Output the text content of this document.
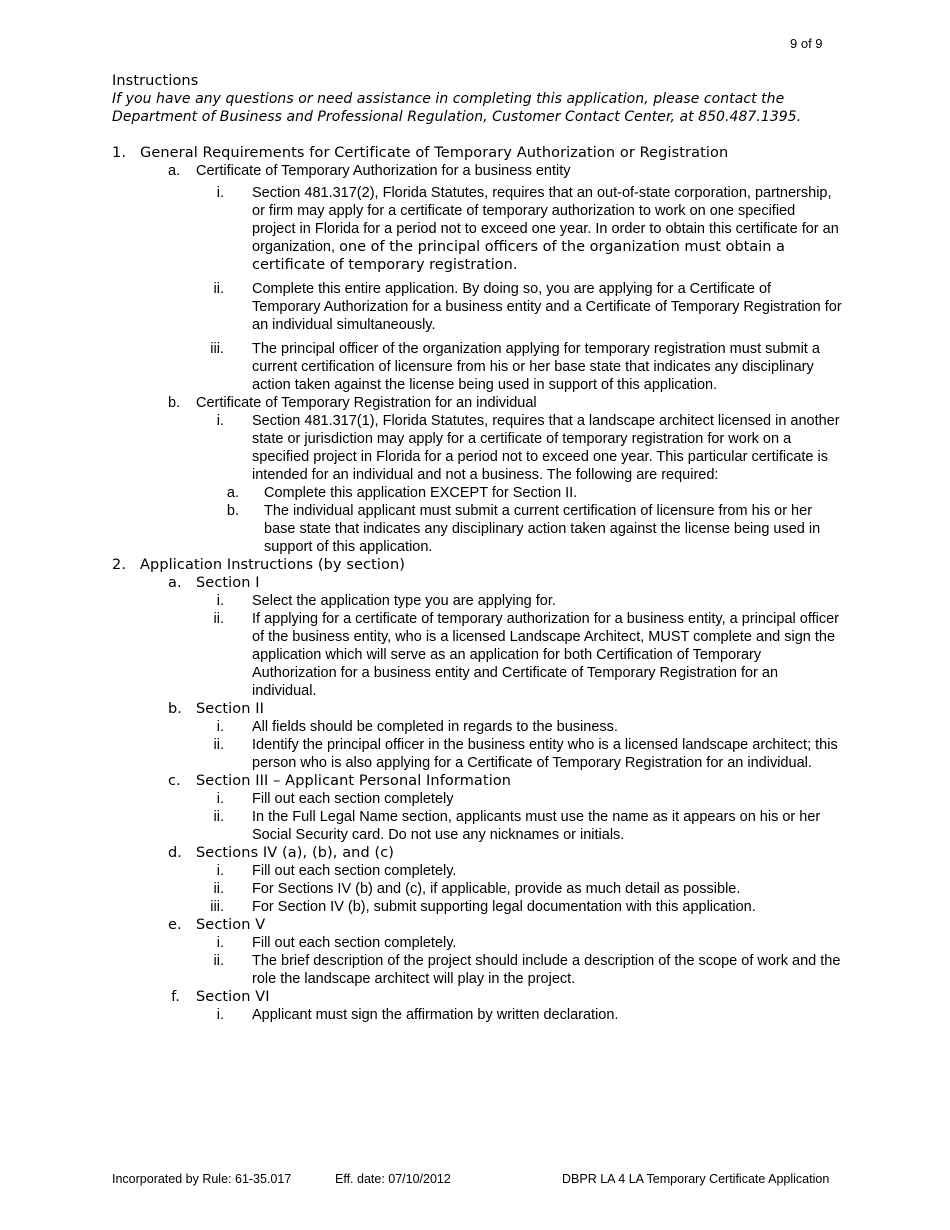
9 of 9
Instructions
If you have any questions or need assistance in completing this application, please contact the
Department of Business and Professional Regulation, Customer Contact Center, at 850.487.1395.
1. General Requirements for Certificate of Temporary Authorization or Registration
a. Certificate of Temporary Authorization for a business entity
i. Section 481.317(2), Florida Statutes, requires that an out-of-state corporation, partnership, or firm may apply for a certificate of temporary authorization to work on one specified project in Florida for a period not to exceed one year. In order to obtain this certificate for an organization, one of the principal officers of the organization must obtain a certificate of temporary registration.
ii. Complete this entire application. By doing so, you are applying for a Certificate of Temporary Authorization for a business entity and a Certificate of Temporary Registration for an individual simultaneously.
iii. The principal officer of the organization applying for temporary registration must submit a current certification of licensure from his or her base state that indicates any disciplinary action taken against the license being used in support of this application.
b. Certificate of Temporary Registration for an individual
i. Section 481.317(1), Florida Statutes, requires that a landscape architect licensed in another state or jurisdiction may apply for a certificate of temporary registration for work on a specified project in Florida for a period not to exceed one year. This particular certificate is intended for an individual and not a business. The following are required:
a. Complete this application EXCEPT for Section II.
b. The individual applicant must submit a current certification of licensure from his or her base state that indicates any disciplinary action taken against the license being used in support of this application.
2. Application Instructions (by section)
a. Section I
i. Select the application type you are applying for.
ii. If applying for a certificate of temporary authorization for a business entity, a principal officer of the business entity, who is a licensed Landscape Architect, MUST complete and sign the application which will serve as an application for both Certification of Temporary Authorization for a business entity and Certificate of Temporary Registration for an individual.
b. Section II
i. All fields should be completed in regards to the business.
ii. Identify the principal officer in the business entity who is a licensed landscape architect; this person who is also applying for a Certificate of Temporary Registration for an individual.
c. Section III – Applicant Personal Information
i. Fill out each section completely
ii. In the Full Legal Name section, applicants must use the name as it appears on his or her Social Security card. Do not use any nicknames or initials.
d. Sections IV (a), (b), and (c)
i. Fill out each section completely.
ii. For Sections IV (b) and (c), if applicable, provide as much detail as possible.
iii. For Section IV (b), submit supporting legal documentation with this application.
e. Section V
i. Fill out each section completely.
ii. The brief description of the project should include a description of the scope of work and the role the landscape architect will play in the project.
f. Section VI
i. Applicant must sign the affirmation by written declaration.
Incorporated by Rule: 61-35.017	Eff. date: 07/10/2012	DBPR LA 4 LA Temporary Certificate Application
